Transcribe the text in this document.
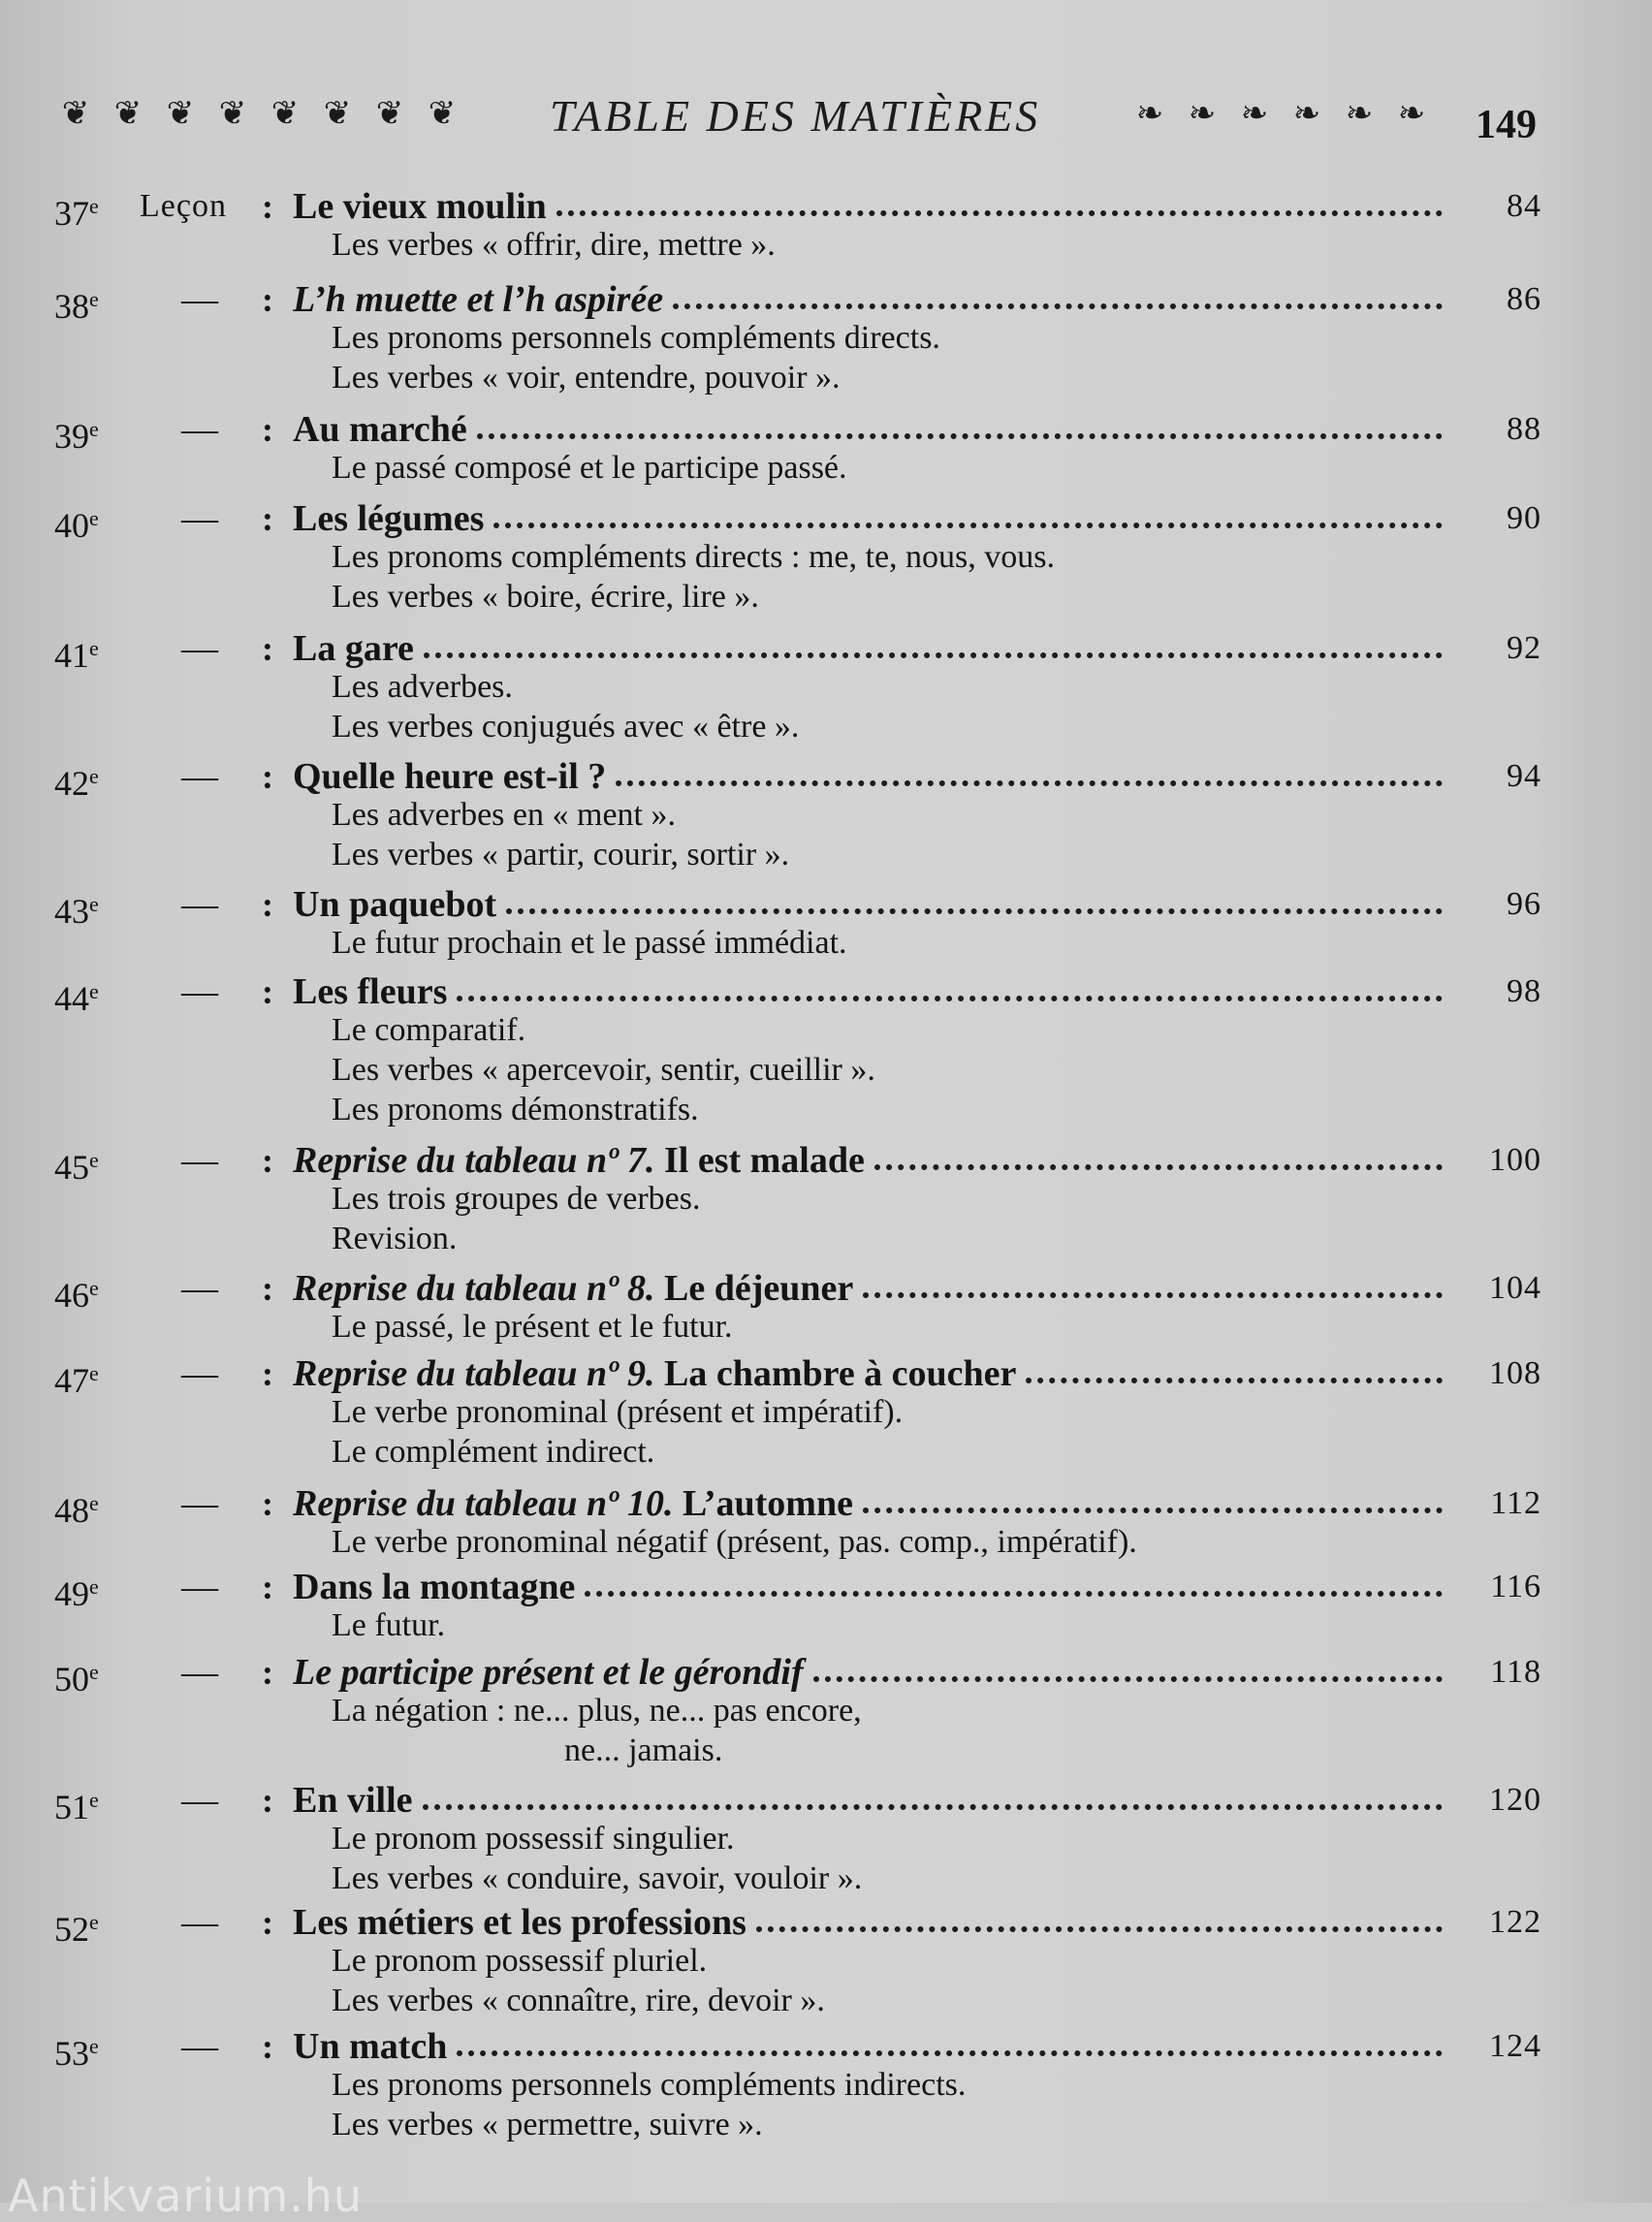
❦ ❦ ❦ ❦ ❦ ❦ ❦ ❦ TABLE DES MATIÈRES	❧ ❧ ❧ ❧ ❧ ❧ 149
37e	Leçon : Le vieux moulin	84
Les verbes « offrir, dire, mettre ».
38e	—	: L’h muette et l’h aspirée	86
Les pronoms personnels compléments directs.
Les verbes « voir, entendre, pouvoir ».
39e	—	: Au marché	88
Le passé composé et le participe passé.
40e	—	: Les légumes	90
Les pronoms compléments directs : me, te, nous, vous.
Les verbes « boire, écrire, lire ».
41e	—	: La gare	92
Les adverbes.
Les verbes conjugués avec « être ».
42e	—	: Quelle heure est-il ?	94
Les adverbes en « ment ».
Les verbes « partir, courir, sortir ».
43e	—	: Un paquebot	96
Le futur prochain et le passé immédiat.
44e	—	: Les fleurs	98
Le comparatif.
Les verbes « apercevoir, sentir, cueillir ».
Les pronoms démonstratifs.
45e	—	: Reprise du tableau nº 7. Il est malade	100
Les trois groupes de verbes.
Revision.
46e	—	: Reprise du tableau nº 8. Le déjeuner	104
Le passé, le présent et le futur.
47e	—	: Reprise du tableau nº 9. La chambre à coucher	108
Le verbe pronominal (présent et impératif).
Le complément indirect.
48e	—	: Reprise du tableau nº 10. L’automne	112
Le verbe pronominal négatif (présent, pas. comp., impératif).
49e	—	: Dans la montagne	116
Le futur.
50e	—	: Le participe présent et le gérondif	118
La négation : ne... plus, ne... pas encore,
ne... jamais.
51e	—	: En ville	120
Le pronom possessif singulier.
Les verbes « conduire, savoir, vouloir ».
52e	—	: Les métiers et les professions	122
Le pronom possessif pluriel.
Les verbes « connaître, rire, devoir ».
53e	—	: Un match	124
Les pronoms personnels compléments indirects.
Les verbes « permettre, suivre ».
Antikvarium.hu
